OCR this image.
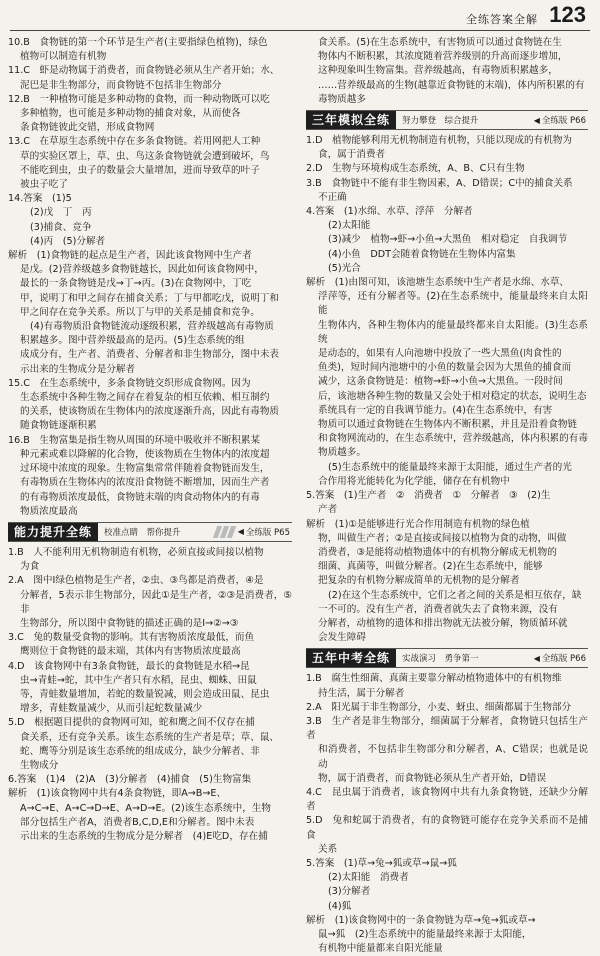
全练答案全解 123

10.B　食物链的第一个环节是生产者(主要指绿色植物)，绿色

植物可以制造有机物

11.C　虾是动物属于消费者，而食物链必须从生产者开始；水、

泥巴是非生物部分，而食物链不包括非生物部分

12.B　一种植物可能是多种动物的食物，而一种动物既可以吃

多种植物，也可能是多种动物的捕食对象，从而使各

条食物链彼此交错，形成食物网

13.C　在草原生态系统中存在多条食物链。若用网把人工种

草的实验区罩上，草、虫、鸟这条食物链就会遭到破坏，鸟

不能吃到虫，虫子的数量会大量增加，进而导致草的叶子

被虫子吃了

14.答案　(1)5

(2)戊　丁　丙

(3)捕食、竞争

(4)丙　(5)分解者

解析　(1)食物链的起点是生产者，因此该食物网中生产者

是戊。(2)营养级越多食物链越长，因此如何该食物网中，

最长的一条食物链是戊→丁→丙。(3)在食物网中，丁吃

甲，说明丁和甲之间存在捕食关系；丁与甲都吃戊，说明丁和

甲之间存在竞争关系。所以丁与甲的关系是捕食和竞争。

(4)有毒物质沿食物链流动逐级积累，营养级越高有毒物质

积累越多。图中营养级最高的是丙。(5)生态系统的组

成成分有，生产者、消费者、分解者和非生物部分，图中未表

示出来的生物成分是分解者

15.C　在生态系统中，多条食物链交织形成食物网。因为

生态系统中各种生物之间存在着复杂的相互依赖、相互制约

的关系，使该物质在生物体内的浓度逐渐升高，因此有毒物质

随食物链逐渐积累

16.B　生物富集是指生物从周围的环境中吸收并不断积累某

种元素或难以降解的化合物，使该物质在生物体内的浓度超

过环境中浓度的现象。生物富集常常伴随着食物链而发生，

有毒物质在生物体内的浓度沿食物链不断增加，因而生产者

的有毒物质浓度最低，食物链末端的肉食动物体内的有毒

物质浓度最高

能力提升全练	校准点睛　帮你提升	◀ 全练版 P65

1.B　人不能利用无机物制造有机物，必须直接或间接以植物

为食

2.A　图中Ⅰ绿色植物是生产者，②虫、③鸟都是消费者，④是

分解者，5表示非生物部分，因此①是生产者，②③是消费者，⑤非

生物部分，所以图中食物链的描述正确的是Ⅰ→②→③

3.C　兔的数量受食物的影响。其有害物质浓度最低，而鱼

鹰则位于食物链的最末端，其体内有害物质浓度最高

4.D　该食物网中有3条食物链，最长的食物链是水稻→昆

虫→青蛙→蛇，其中生产者只有水稻，昆虫、蜘蛛、田鼠

等，青蛙数量增加，若蛇的数量锐减，则会造成田鼠、昆虫

增多，青蛙数量减少，从而引起蛇数量减少

5.D　根据题目提供的食物网可知，蛇和鹰之间不仅存在捕

食关系，还有竞争关系。该生态系统的生产者是草；草、鼠、

蛇、鹰等分别是该生态系统的组成成分，缺少分解者、非

生物成分

6.答案　(1)4　(2)A　(3)分解者　(4)捕食　(5)生物富集

解析　(1)该食物网中共有4条食物链，即A→B→E、

A→C→E、A→C→D→E、A→D→E。(2)该生态系统中，生物

部分包括生产者A，消费者B,C,D,E和分解者。图中未表

示出来的生态系统的生物成分是分解者　(4)E吃D，存在捕

食关系。(5)在生态系统中，有害物质可以通过食物链在生

物体内不断积累，其浓度随着营养级别的升高而逐步增加，

这种现象叫生物富集。营养级越高，有毒物质积累越多，

……营养级最高的生物(越靠近食物链的末端)，体内所积累的有

毒物质越多

三年模拟全练	努力攀登　综合提升	◀ 全练版 P66

1.D　植物能够利用无机物制造有机物，只能以现成的有机物为

食，属于消费者

2.D　生物与环境构成生态系统，A、B、C只有生物

3.B　食物链中不能有非生物因素，A、D错误；C中的捕食关系

不正确

4.答案　(1)水绵、水草、浮萍　分解者

(2)太阳能

(3)减少　植物→虾→小鱼→大黑鱼　相对稳定　自我调节

(4)小鱼　DDT会随着食物链在生物体内富集

(5)光合

解析　(1)由图可知，该池塘生态系统中生产者是水绵、水草、

浮萍等，还有分解者等。(2)在生态系统中，能量最终来自太阳能

生物体内，各种生物体内的能量最终都来自太阳能。(3)生态系统

是动态的，如果有人向池塘中投放了一些大黑鱼(肉食性的

鱼类)，短时间内池塘中的小鱼的数量会因为大黑鱼的捕食而

减少，这条食物链是：植物→虾→小鱼→大黑鱼。一段时间

后，该池塘各种生物的数量又会处于相对稳定的状态，说明生态

系统具有一定的自我调节能力。(4)在生态系统中，有害

物质可以通过食物链在生物体内不断积累，并且是沿着食物链

和食物网流动的，在生态系统中，营养级越高，体内积累的有毒物质越多。

(5)生态系统中的能量最终来源于太阳能，通过生产者的光

合作用将光能转化为化学能，储存在有机物中

5.答案　(1)生产者　②　消费者　①　分解者　③　(2)生

产者

解析　(1)①是能够进行光合作用制造有机物的绿色植

物，叫做生产者；②是直接或间接以植物为食的动物，叫做

消费者，③是能将动植物遗体中的有机物分解成无机物的

细菌、真菌等，叫做分解者。(2)在生态系统中，能够

把复杂的有机物分解成简单的无机物的是分解者

(2)在这个生态系统中，它们之者之间的关系是相互依存，缺

一不可的。没有生产者，消费者就失去了食物来源，没有

分解者，动植物的遗体和排出物就无法被分解，物质循环就

会发生障碍

五年中考全练	实战演习　勇争第一	◀ 全练版 P66

1.B　腐生性细菌、真菌主要靠分解动植物遗体中的有机物维

持生活，属于分解者

2.A　阳光属于非生物部分，小麦、蚜虫、细菌都属于生物部分

3.B　生产者是非生物部分，细菌属于分解者，食物链只包括生产者

和消费者，不包括非生物部分和分解者，A、C错误；也就是说动

物，属于消费者，而食物链必须从生产者开始，D错误

4.C　昆虫属于消费者，该食物网中共有九条食物链，还缺少分解者

5.D　兔和蛇属于消费者，有的食物链可能存在竞争关系而不是捕食

关系

5.答案　(1)草→兔→狐或草→鼠→狐

(2)太阳能　消费者

(3)分解者

(4)狐

解析　(1)该食物网中的一条食物链为草→兔→狐或草→

鼠→狐　(2)生态系统中的能量最终来源于太阳能，

有机物中能量都来自阳光能量
